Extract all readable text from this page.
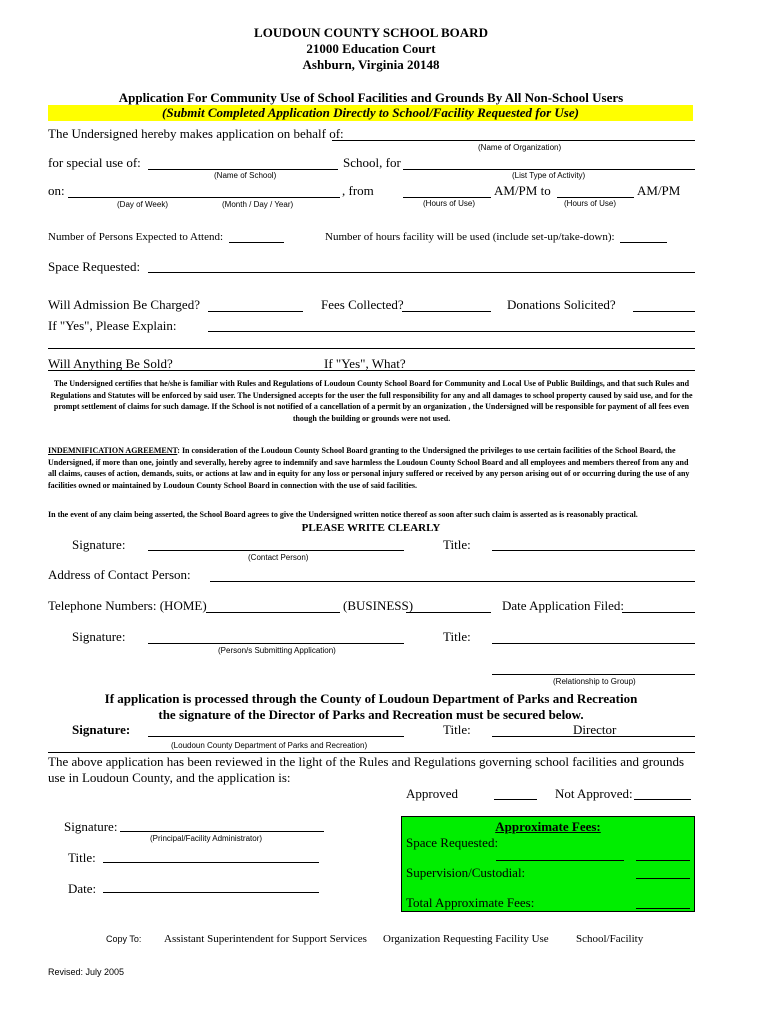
LOUDOUN COUNTY SCHOOL BOARD
21000 Education Court
Ashburn, Virginia 20148
Application For Community Use of School Facilities and Grounds By All Non-School Users
(Submit Completed Application Directly to School/Facility Requested for Use)
The Undersigned hereby makes application on behalf of:
(Name of Organization)
for special use of:	School, for
(Name of School)	(List Type of Activity)
on:	, from	AM/PM to	AM/PM
(Day of Week)	(Month / Day / Year)	(Hours of Use)	(Hours of Use)
Number of Persons Expected to Attend:	Number of hours facility will be used (include set-up/take-down):
Space Requested:
Will Admission Be Charged?	Fees Collected?	Donations Solicited?
If "Yes", Please Explain:
Will Anything Be Sold?	If "Yes", What?
The Undersigned certifies that he/she is familiar with Rules and Regulations of Loudoun County School Board for Community and Local Use of Public Buildings, and that such Rules and Regulations and Statutes will be enforced by said user. The Undersigned accepts for the user the full responsibility for any and all damages to school property caused by said use, and for the prompt settlement of claims for such damage. If the School is not notified of a cancellation of a permit by an organization , the Undersigned will be responsible for payment of all fees even though the building or grounds were not used.
INDEMNIFICATION AGREEMENT: In consideration of the Loudoun County School Board granting to the Undersigned the privileges to use certain facilities of the School Board, the Undersigned, if more than one, jointly and severally, hereby agree to indemnify and save harmless the Loudoun County School Board and all employees and members thereof from any and all claims, causes of action, demands, suits, or actions at law and in equity for any loss or personal injury suffered or received by any person arising out of or occurring during the use of any facilities owned or maintained by Loudoun County School Board in connection with the use of said facilities.
In the event of any claim being asserted, the School Board agrees to give the Undersigned written notice thereof as soon after such claim is asserted as is reasonably practical.
PLEASE WRITE CLEARLY
Signature:	Title:
(Contact Person)
Address of Contact Person:
Telephone Numbers: (HOME)	(BUSINESS)	Date Application Filed:
Signature:	Title:
(Person/s Submitting Application)
(Relationship to Group)
If application is processed through the County of Loudoun Department of Parks and Recreation
the signature of the Director of Parks and Recreation must be secured below.
Signature:	Title:	Director
(Loudoun County Department of Parks and Recreation)
The above application has been reviewed in the light of the Rules and Regulations governing school facilities and grounds use in Loudoun County, and the application is:
Approved	Not Approved:
Signature:
(Principal/Facility Administrator)
Title:
Date:
Approximate Fees:
Space Requested:
Supervision/Custodial:
Total Approximate Fees:
Copy To: Assistant Superintendent for Support Services Organization Requesting Facility Use School/Facility
Revised: July 2005
